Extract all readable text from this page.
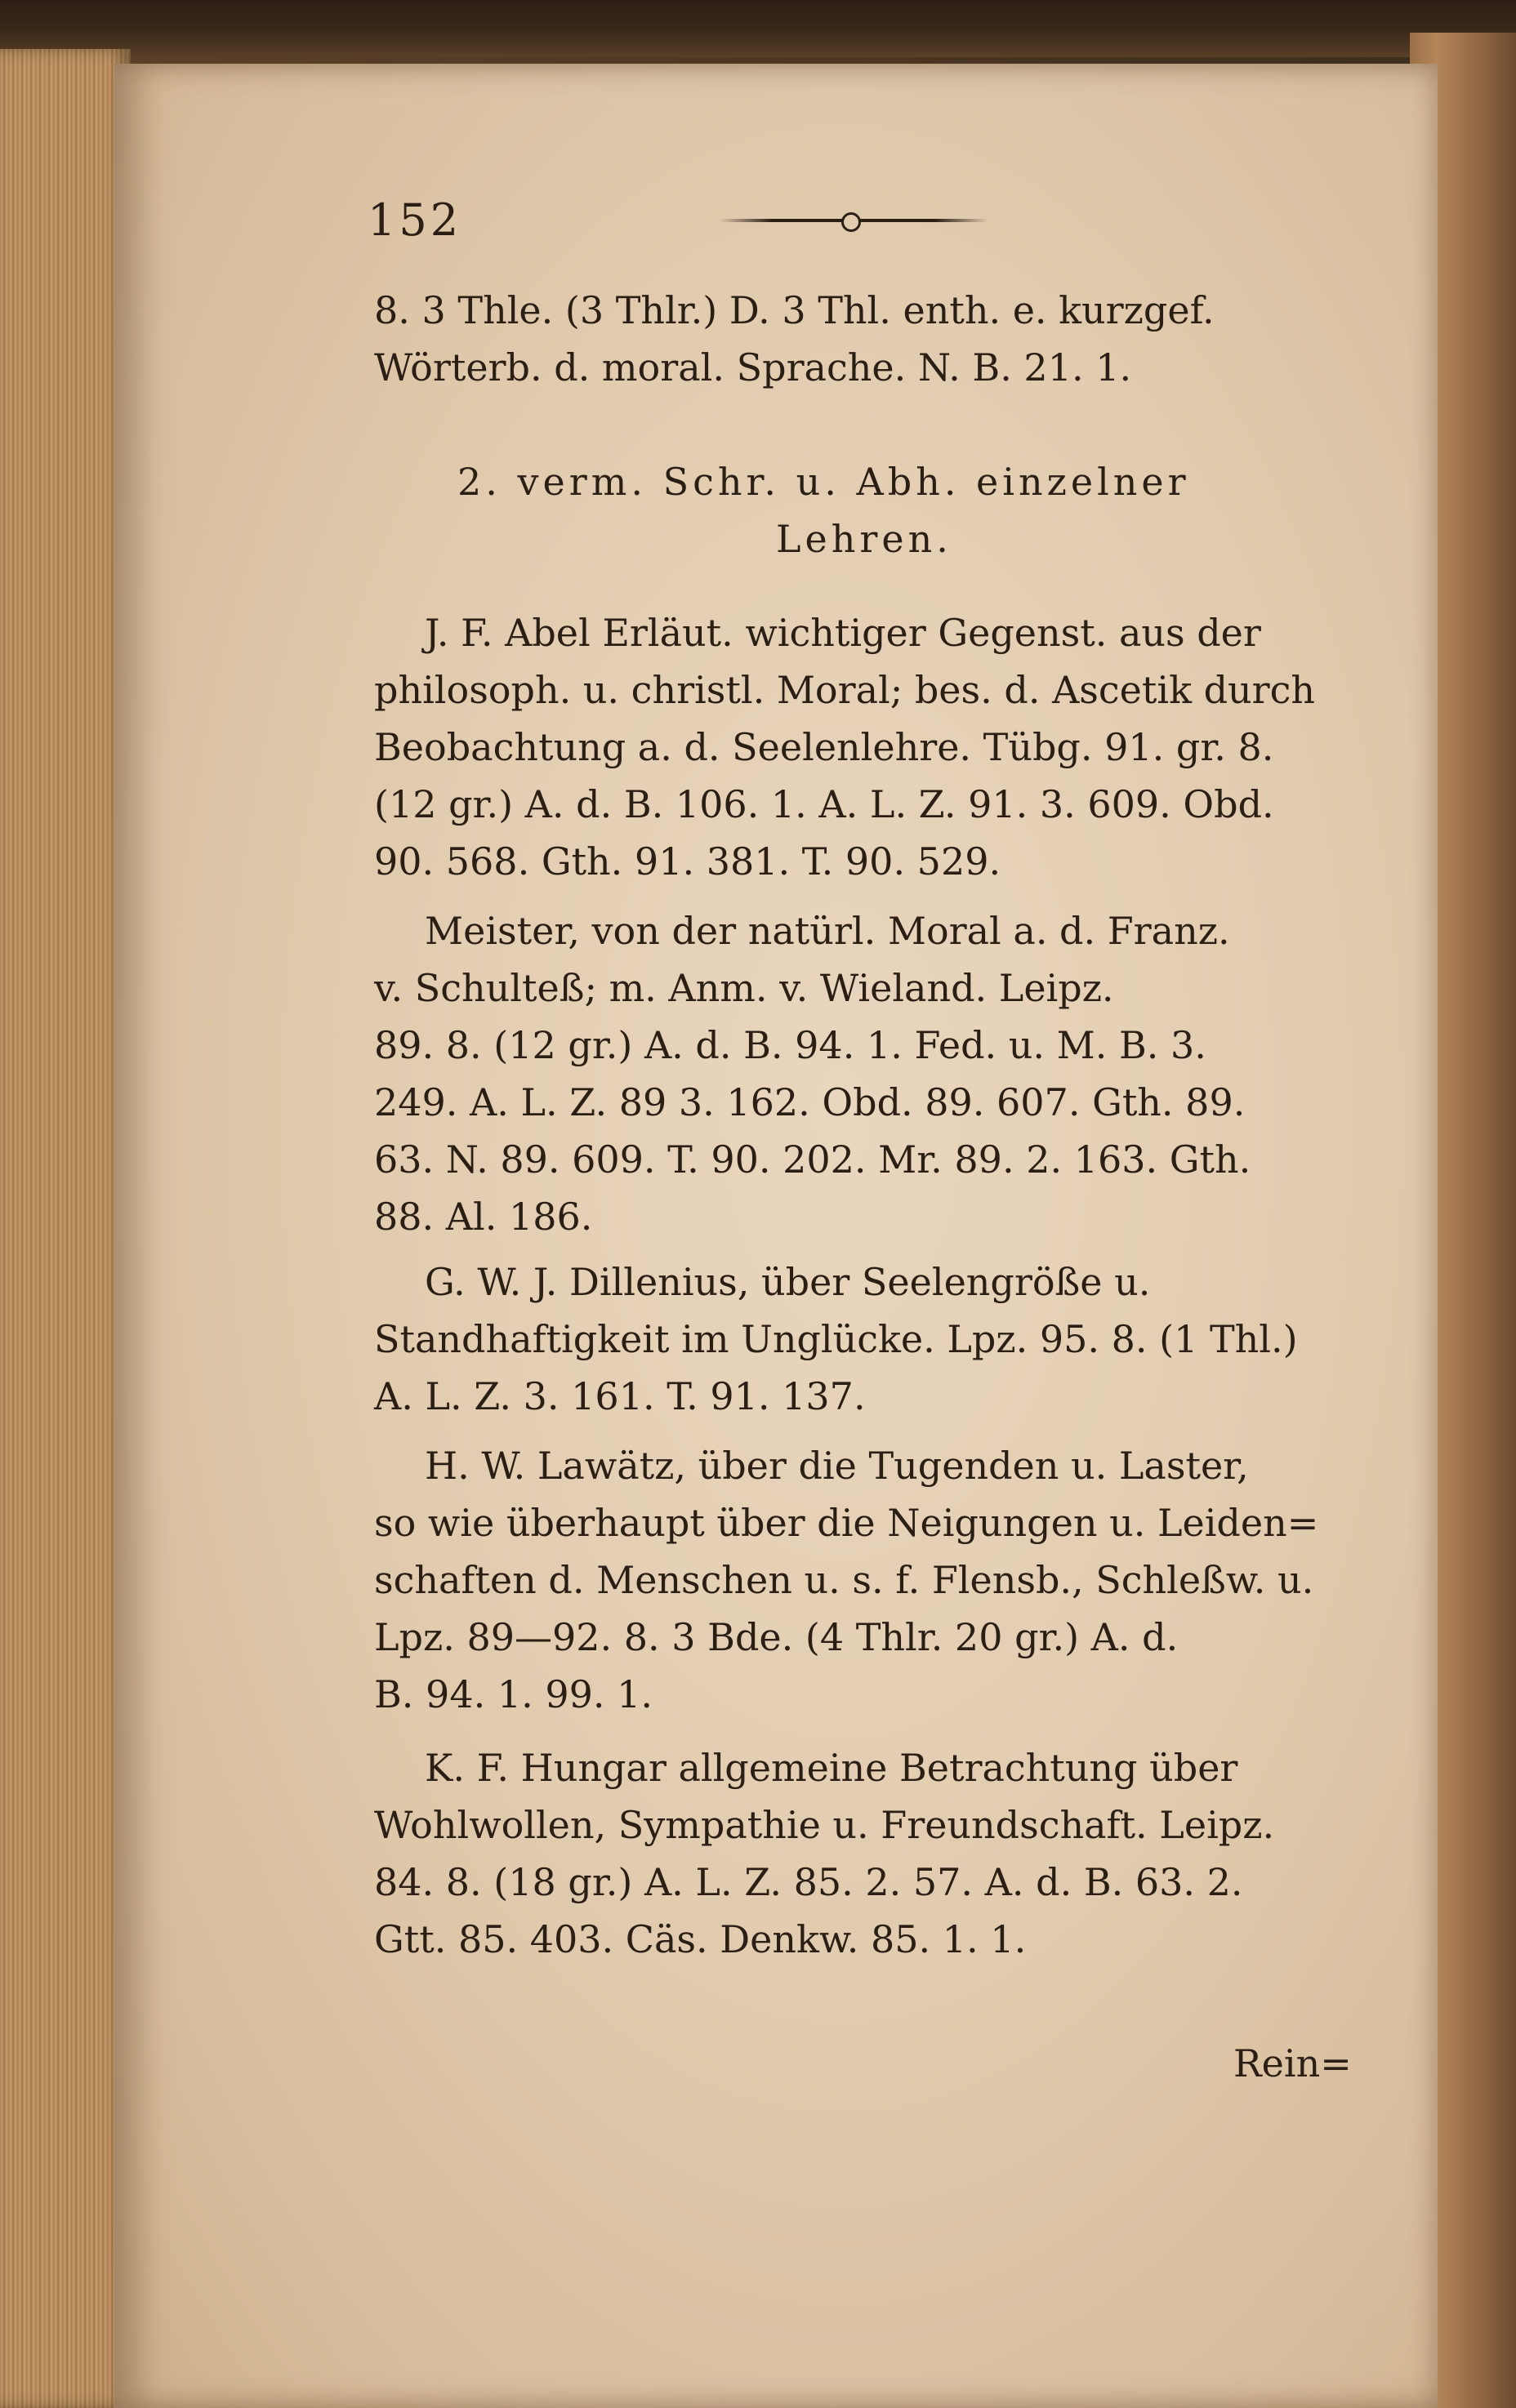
152
8. 3 Thle. (3 Thlr.) D. 3 Thl. enth. e. kurzgef.
Wörterb. d. moral. Sprache. N. B. 21. 1.
2. verm. Schr. u. Abh. einzelner
Lehren.
J. F. Abel Erläut. wichtiger Gegenst. aus der
philosoph. u. christl. Moral; bes. d. Ascetik durch
Beobachtung a. d. Seelenlehre. Tübg. 91. gr. 8.
(12 gr.) A. d. B. 106. 1. A. L. Z. 91. 3. 609. Obd.
90. 568. Gth. 91. 381. T. 90. 529.
Meister, von der natürl. Moral a. d. Franz.
v. Schulteß; m. Anm. v. Wieland. Leipz.
89. 8. (12 gr.) A. d. B. 94. 1. Fed. u. M. B. 3.
249. A. L. Z. 89 3. 162. Obd. 89. 607. Gth. 89.
63. N. 89. 609. T. 90. 202. Mr. 89. 2. 163. Gth.
88. Al. 186.
G. W. J. Dillenius, über Seelengröße u.
Standhaftigkeit im Unglücke. Lpz. 95. 8. (1 Thl.)
A. L. Z. 3. 161. T. 91. 137.
H. W. Lawätz, über die Tugenden u. Laster,
so wie überhaupt über die Neigungen u. Leiden=
schaften d. Menschen u. s. f. Flensb., Schleßw. u.
Lpz. 89—92. 8. 3 Bde. (4 Thlr. 20 gr.) A. d.
B. 94. 1. 99. 1.
K. F. Hungar allgemeine Betrachtung über
Wohlwollen, Sympathie u. Freundschaft. Leipz.
84. 8. (18 gr.) A. L. Z. 85. 2. 57. A. d. B. 63. 2.
Gtt. 85. 403. Cäs. Denkw. 85. 1. 1.
Rein=
